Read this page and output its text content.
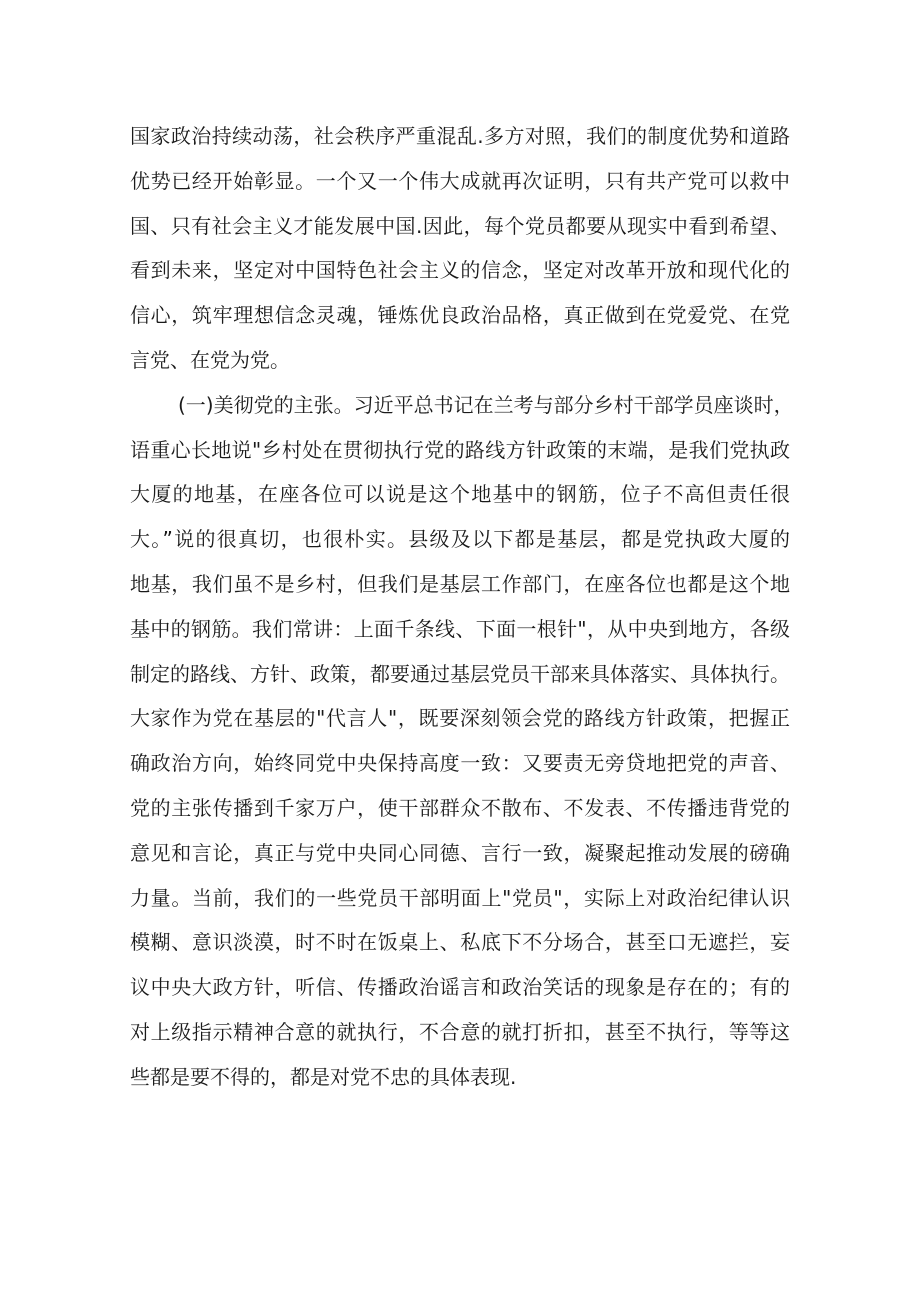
国家政治持续动荡，社会秩序严重混乱.多方对照，我们的制度优势和道路
优势已经开始彰显。一个又一个伟大成就再次证明，只有共产党可以救中
国、只有社会主义才能发展中国.因此，每个党员都要从现实中看到希望、
看到未来，坚定对中国特色社会主义的信念，坚定对改革开放和现代化的
信心，筑牢理想信念灵魂，锤炼优良政治品格，真正做到在党爱党、在党
言党、在党为党。
(一)美彻党的主张。习近平总书记在兰考与部分乡村干部学员座谈时，
语重心长地说"乡村处在贯彻执行党的路线方针政策的末端，是我们党执政
大厦的地基，在座各位可以说是这个地基中的钢筋，位子不高但责任很
大。”说的很真切，也很朴实。县级及以下都是基层，都是党执政大厦的
地基，我们虽不是乡村，但我们是基层工作部门，在座各位也都是这个地
基中的钢筋。我们常讲：上面千条线、下面一根针"，从中央到地方，各级
制定的路线、方针、政策，都要通过基层党员干部来具体落实、具体执行。
大家作为党在基层的"代言人"，既要深刻领会党的路线方针政策，把握正
确政治方向，始终同党中央保持高度一致：又要责无旁贷地把党的声音、
党的主张传播到千家万户，使干部群众不散布、不发表、不传播违背党的
意见和言论，真正与党中央同心同德、言行一致，凝聚起推动发展的磅确
力量。当前，我们的一些党员干部明面上"党员"，实际上对政治纪律认识
模糊、意识淡漠，时不时在饭桌上、私底下不分场合，甚至口无遮拦，妄
议中央大政方针，听信、传播政治谣言和政治笑话的现象是存在的；有的
对上级指示精神合意的就执行，不合意的就打折扣，甚至不执行，等等这
些都是要不得的，都是对党不忠的具体表现.
